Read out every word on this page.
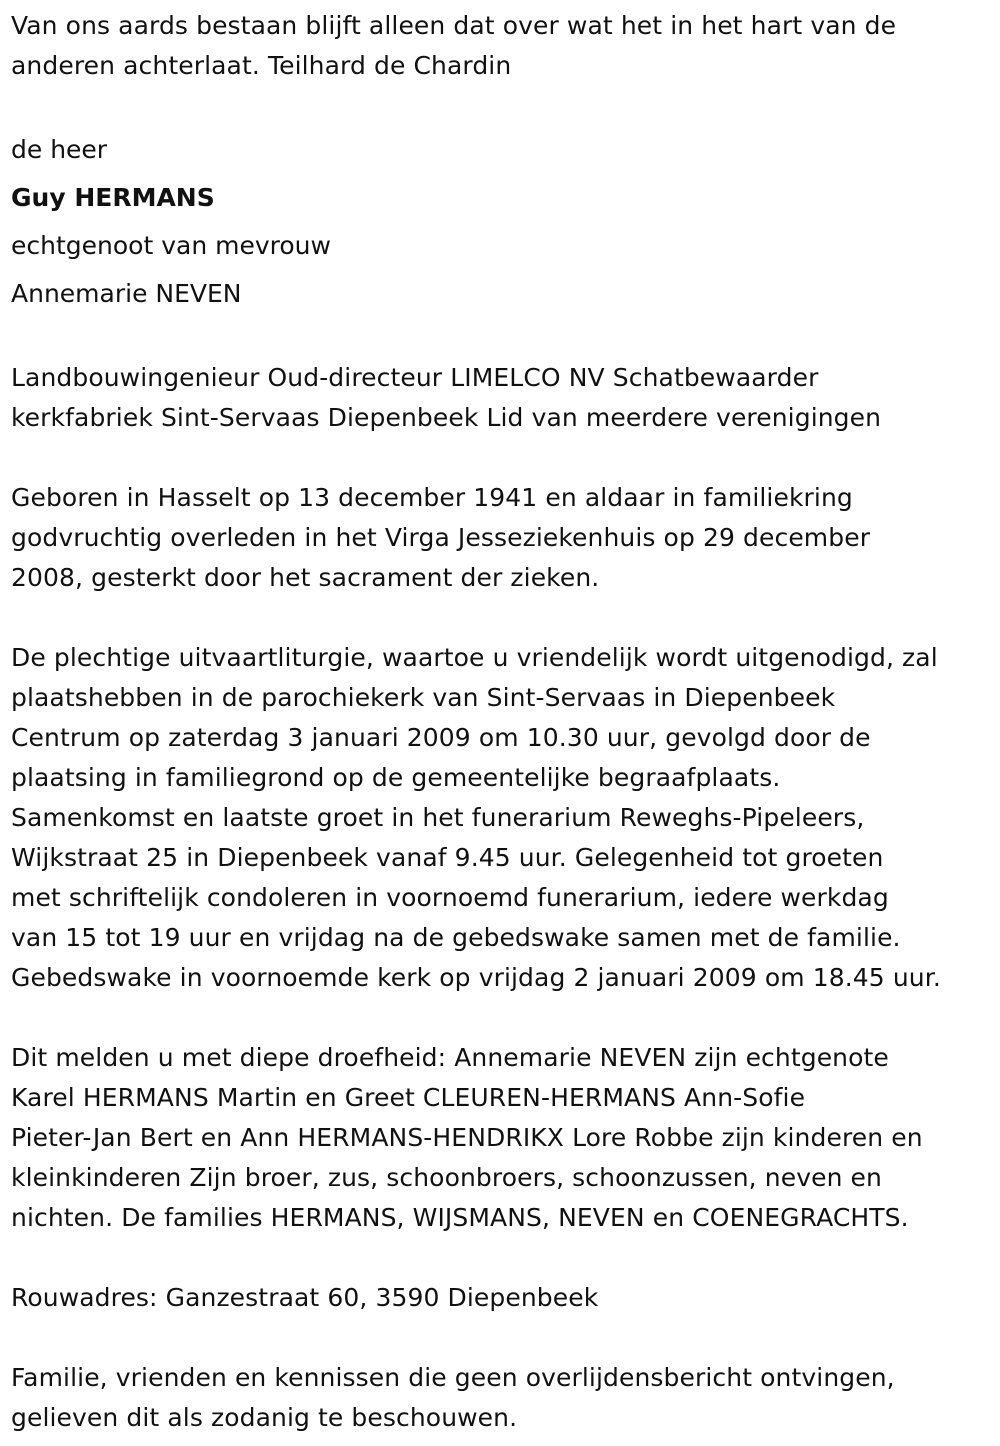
Van ons aards bestaan blijft alleen dat over wat het in het hart van de
anderen achterlaat. Teilhard de Chardin
de heer
Guy HERMANS
echtgenoot van mevrouw
Annemarie NEVEN
Landbouwingenieur Oud-directeur LIMELCO NV Schatbewaarder
kerkfabriek Sint-Servaas Diepenbeek Lid van meerdere verenigingen
Geboren in Hasselt op 13 december 1941 en aldaar in familiekring
godvruchtig overleden in het Virga Jesseziekenhuis op 29 december
2008, gesterkt door het sacrament der zieken.
De plechtige uitvaartliturgie, waartoe u vriendelijk wordt uitgenodigd, zal
plaatshebben in de parochiekerk van Sint-Servaas in Diepenbeek
Centrum op zaterdag 3 januari 2009 om 10.30 uur, gevolgd door de
plaatsing in familiegrond op de gemeentelijke begraafplaats.
Samenkomst en laatste groet in het funerarium Reweghs-Pipeleers,
Wijkstraat 25 in Diepenbeek vanaf 9.45 uur. Gelegenheid tot groeten
met schriftelijk condoleren in voornoemd funerarium, iedere werkdag
van 15 tot 19 uur en vrijdag na de gebedswake samen met de familie.
Gebedswake in voornoemde kerk op vrijdag 2 januari 2009 om 18.45 uur.
Dit melden u met diepe droefheid: Annemarie NEVEN zijn echtgenote
Karel HERMANS Martin en Greet CLEUREN-HERMANS Ann-Sofie
Pieter-Jan Bert en Ann HERMANS-HENDRIKX Lore Robbe zijn kinderen en
kleinkinderen Zijn broer, zus, schoonbroers, schoonzussen, neven en
nichten. De families HERMANS, WIJSMANS, NEVEN en COENEGRACHTS.
Rouwadres: Ganzestraat 60, 3590 Diepenbeek
Familie, vrienden en kennissen die geen overlijdensbericht ontvingen,
gelieven dit als zodanig te beschouwen.
